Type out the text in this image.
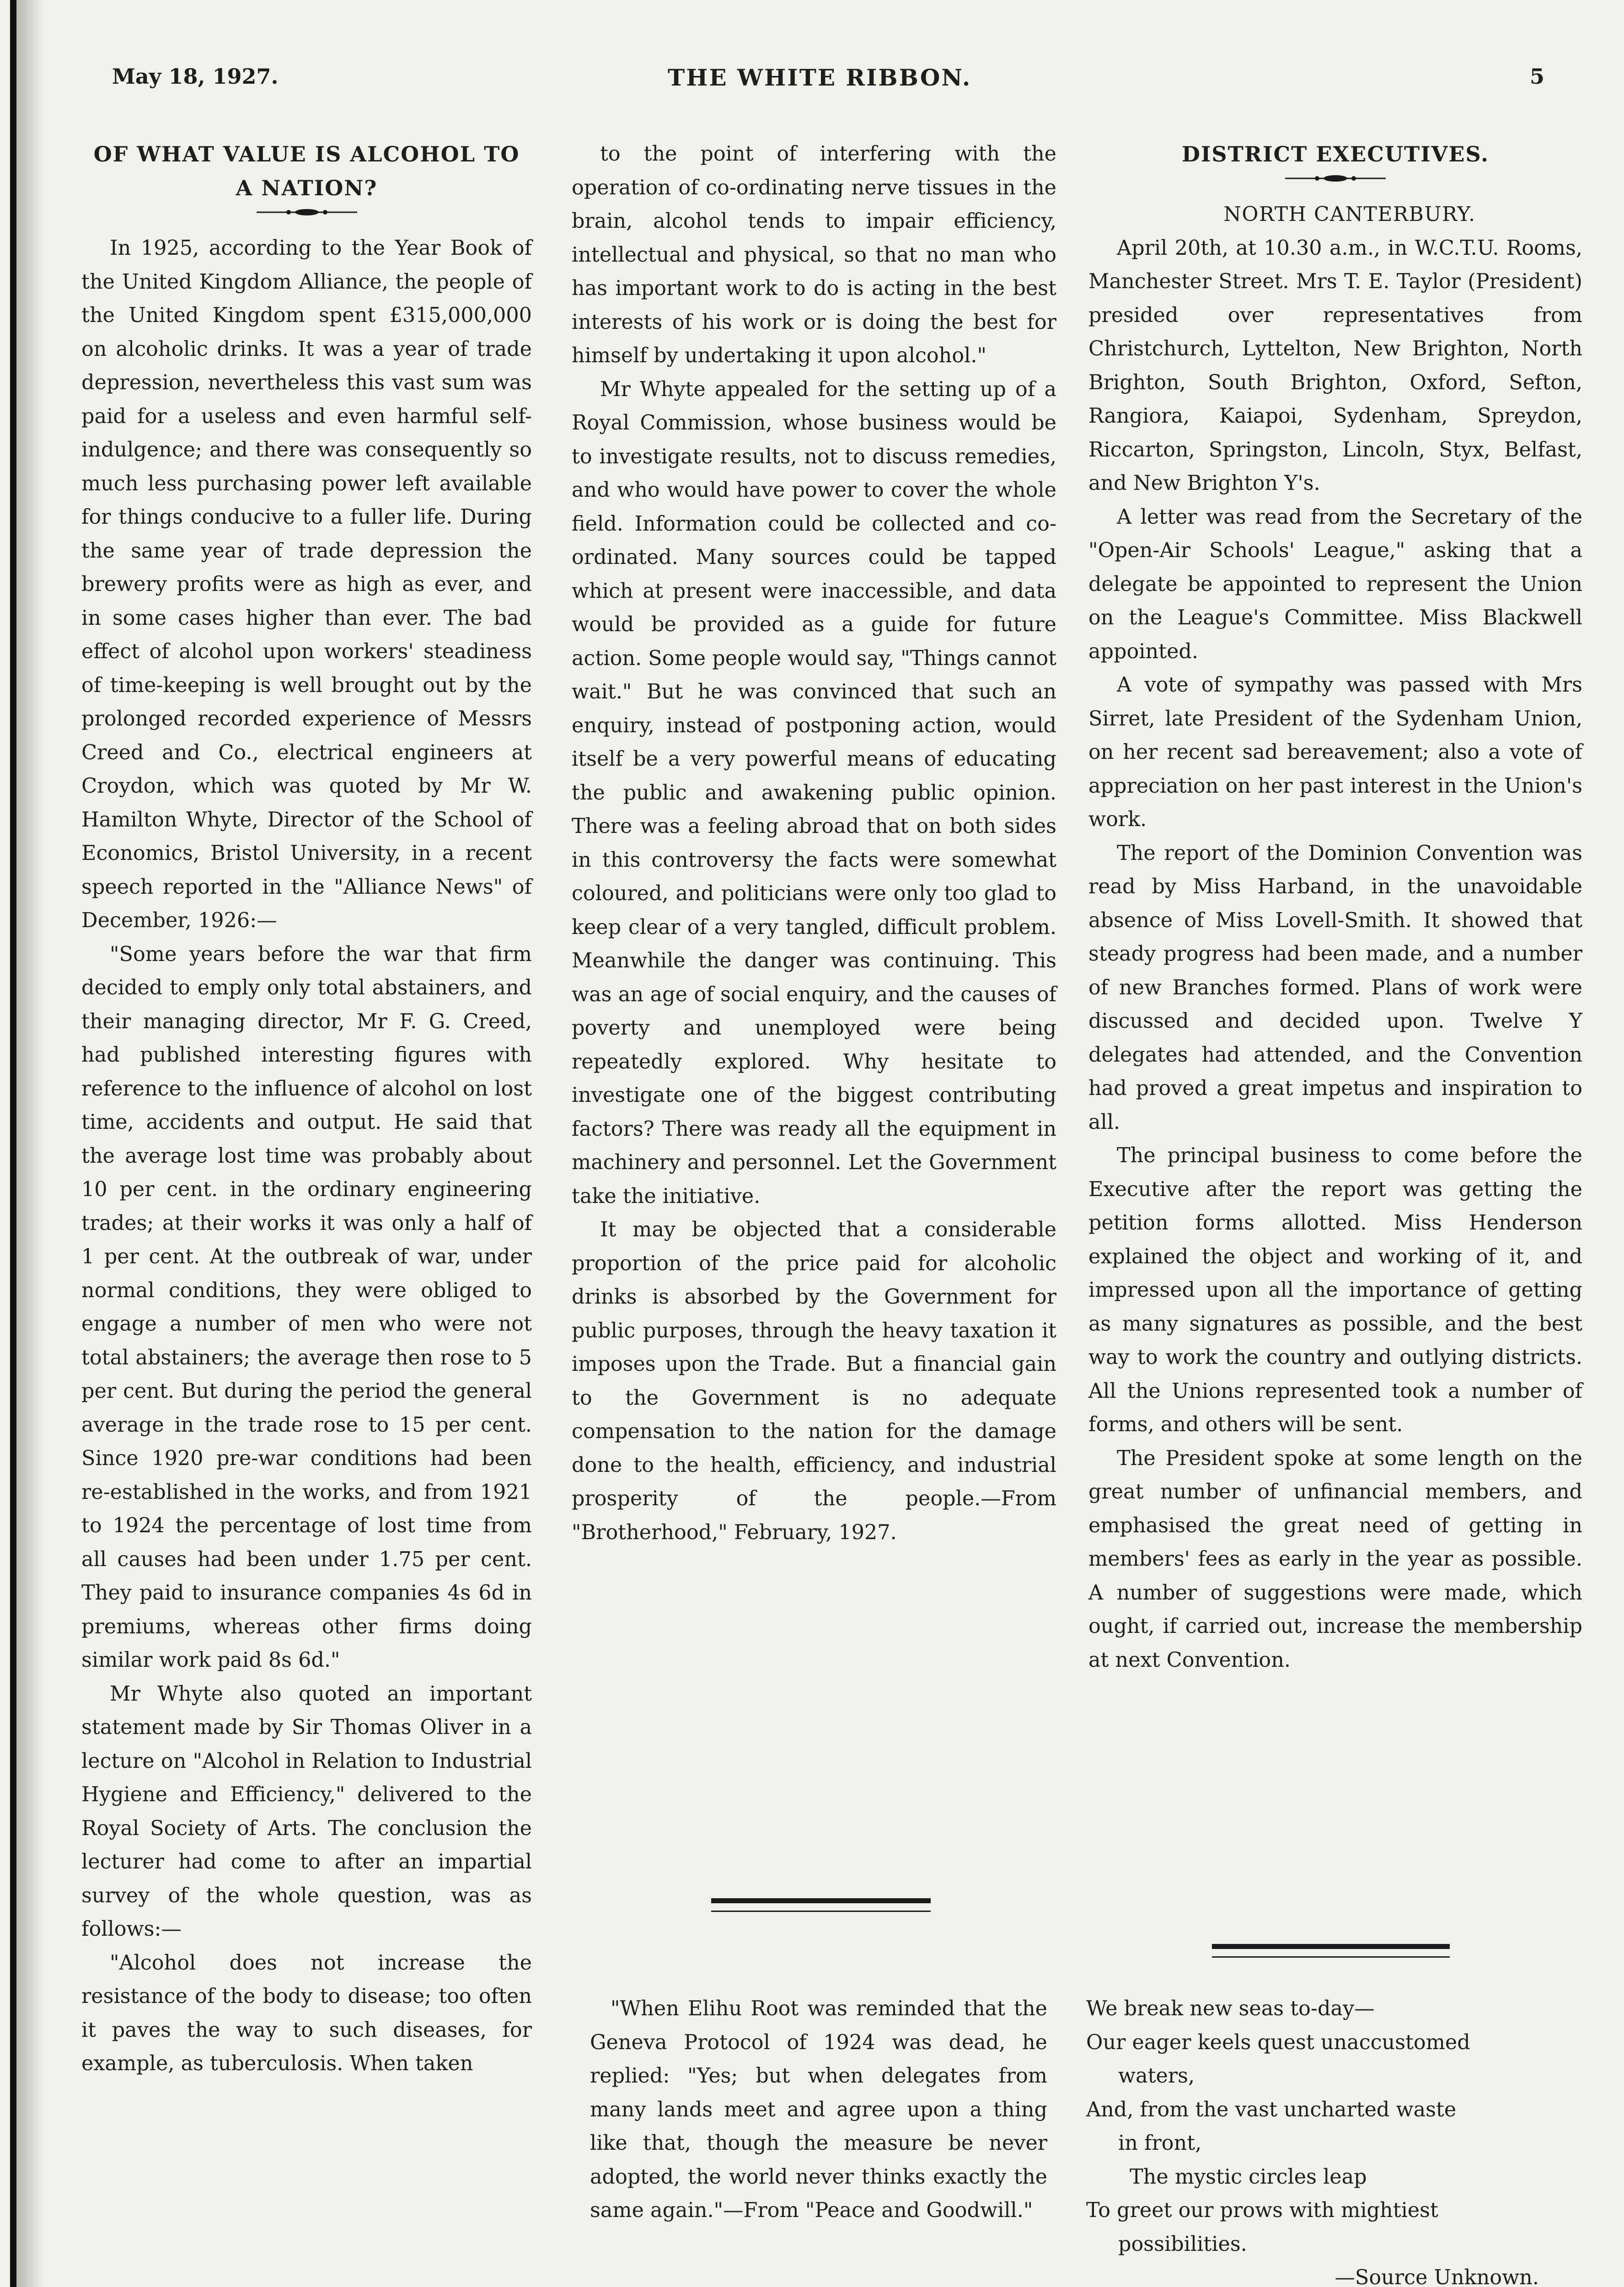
May 18, 1927.	THE WHITE RIBBON.	5

OF WHAT VALUE IS ALCOHOL TO A NATION?

In 1925, according to the Year Book of the United Kingdom Alliance, the people of the United Kingdom spent £315,000,000 on alcoholic drinks. It was a year of trade depression, nevertheless this vast sum was paid for a useless and even harmful self-indulgence; and there was consequently so much less purchasing power left available for things conducive to a fuller life. During the same year of trade depression the brewery profits were as high as ever, and in some cases higher than ever. The bad effect of alcohol upon workers' steadiness of time-keeping is well brought out by the prolonged recorded experience of Messrs Creed and Co., electrical engineers at Croydon, which was quoted by Mr W. Hamilton Whyte, Director of the School of Economics, Bristol University, in a recent speech reported in the "Alliance News" of December, 1926:—

"Some years before the war that firm decided to emply only total abstainers, and their managing director, Mr F. G. Creed, had published interesting figures with reference to the influence of alcohol on lost time, accidents and output. He said that the average lost time was probably about 10 per cent. in the ordinary engineering trades; at their works it was only a half of 1 per cent. At the outbreak of war, under normal conditions, they were obliged to engage a number of men who were not total abstainers; the average then rose to 5 per cent. But during the period the general average in the trade rose to 15 per cent. Since 1920 pre-war conditions had been re-established in the works, and from 1921 to 1924 the percentage of lost time from all causes had been under 1.75 per cent. They paid to insurance companies 4s 6d in premiums, whereas other firms doing similar work paid 8s 6d."

Mr Whyte also quoted an important statement made by Sir Thomas Oliver in a lecture on "Alcohol in Relation to Industrial Hygiene and Efficiency," delivered to the Royal Society of Arts. The conclusion the lecturer had come to after an impartial survey of the whole question, was as follows:—

"Alcohol does not increase the resistance of the body to disease; too often it paves the way to such diseases, for example, as tuberculosis. When taken

to the point of interfering with the operation of co-ordinating nerve tissues in the brain, alcohol tends to impair efficiency, intellectual and physical, so that no man who has important work to do is acting in the best interests of his work or is doing the best for himself by undertaking it upon alcohol."

Mr Whyte appealed for the setting up of a Royal Commission, whose business would be to investigate results, not to discuss remedies, and who would have power to cover the whole field. Information could be collected and co-ordinated. Many sources could be tapped which at present were inaccessible, and data would be provided as a guide for future action. Some people would say, "Things cannot wait." But he was convinced that such an enquiry, instead of postponing action, would itself be a very powerful means of educating the public and awakening public opinion. There was a feeling abroad that on both sides in this controversy the facts were somewhat coloured, and politicians were only too glad to keep clear of a very tangled, difficult problem. Meanwhile the danger was continuing. This was an age of social enquiry, and the causes of poverty and unemployed were being repeatedly explored. Why hesitate to investigate one of the biggest contributing factors? There was ready all the equipment in machinery and personnel. Let the Government take the initiative.

It may be objected that a considerable proportion of the price paid for alcoholic drinks is absorbed by the Government for public purposes, through the heavy taxation it imposes upon the Trade. But a financial gain to the Government is no adequate compensation to the nation for the damage done to the health, efficiency, and industrial prosperity of the people.—From "Brotherhood," February, 1927.

DISTRICT EXECUTIVES.

NORTH CANTERBURY.

April 20th, at 10.30 a.m., in W.C.T.U. Rooms, Manchester Street. Mrs T. E. Taylor (President) presided over representatives from Christchurch, Lyttelton, New Brighton, North Brighton, South Brighton, Oxford, Sefton, Rangiora, Kaiapoi, Sydenham, Spreydon, Riccarton, Springston, Lincoln, Styx, Belfast, and New Brighton Y's.

A letter was read from the Secretary of the "Open-Air Schools' League," asking that a delegate be appointed to represent the Union on the League's Committee. Miss Blackwell appointed.

A vote of sympathy was passed with Mrs Sirret, late President of the Sydenham Union, on her recent sad bereavement; also a vote of appreciation on her past interest in the Union's work.

The report of the Dominion Convention was read by Miss Harband, in the unavoidable absence of Miss Lovell-Smith. It showed that steady progress had been made, and a number of new Branches formed. Plans of work were discussed and decided upon. Twelve Y delegates had attended, and the Convention had proved a great impetus and inspiration to all.

The principal business to come before the Executive after the report was getting the petition forms allotted. Miss Henderson explained the object and working of it, and impressed upon all the importance of getting as many signatures as possible, and the best way to work the country and outlying districts. All the Unions represented took a number of forms, and others will be sent.

The President spoke at some length on the great number of unfinancial members, and emphasised the great need of getting in members' fees as early in the year as possible. A number of suggestions were made, which ought, if carried out, increase the membership at next Convention.

"When Elihu Root was reminded that the Geneva Protocol of 1924 was dead, he replied: "Yes; but when delegates from many lands meet and agree upon a thing like that, though the measure be never adopted, the world never thinks exactly the same again."—From "Peace and Goodwill."
We break new seas to-day—
Our eager keels quest unaccustomed
waters,
And, from the vast uncharted waste
in front,
The mystic circles leap
To greet our prows with mightiest
possibilities.
—Source Unknown.
